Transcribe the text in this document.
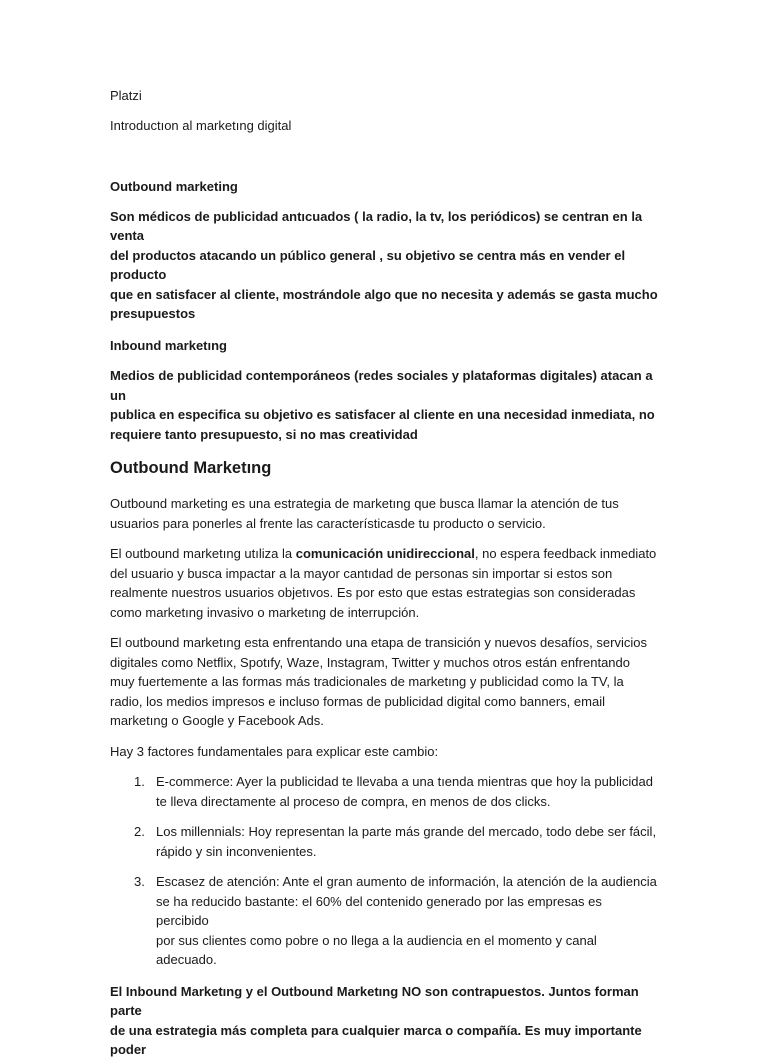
Platzi

Introductıon al marketıng digital

Outbound marketing

Son médicos de publicidad antıcuados ( la radio, la tv, los periódicos) se centran en la venta
del productos atacando un público general , su objetivo se centra más en vender el producto
que en satisfacer al cliente, mostrándole algo que no necesita y además se gasta mucho
presupuestos

Inbound marketıng

Medios de publicidad contemporáneos (redes sociales y plataformas digitales) atacan a un
publica en especifica su objetivo es satisfacer al cliente en una necesidad inmediata, no
requiere tanto presupuesto, si no mas creatividad

Outbound Marketıng

Outbound marketing es una estrategia de marketıng que busca llamar la atención de tus
usuarios para ponerles al frente las característicasde tu producto o servicio.

El outbound marketıng utıliza la comunicación unidireccional, no espera feedback inmediato
del usuario y busca impactar a la mayor cantıdad de personas sin importar si estos son
realmente nuestros usuarios objetıvos. Es por esto que estas estrategias son consideradas
como marketıng invasivo o marketıng de interrupción.

El outbound marketıng esta enfrentando una etapa de transición y nuevos desafíos, servicios
digitales como Netflix, Spotıfy, Waze, Instagram, Twitter y muchos otros están enfrentando
muy fuertemente a las formas más tradicionales de marketıng y publicidad como la TV, la
radio, los medios impresos e incluso formas de publicidad digital como banners, email
marketıng o Google y Facebook Ads.

Hay 3 factores fundamentales para explicar este cambio:

1. E-commerce: Ayer la publicidad te llevaba a una tıenda mientras que hoy la publicidad
te lleva directamente al proceso de compra, en menos de dos clicks.
2. Los millennials: Hoy representan la parte más grande del mercado, todo debe ser fácil,
rápido y sin inconvenientes.
3. Escasez de atención: Ante el gran aumento de información, la atención de la audiencia
se ha reducido bastante: el 60% del contenido generado por las empresas es percibido
por sus clientes como pobre o no llega a la audiencia en el momento y canal adecuado.

El Inbound Marketıng y el Outbound Marketıng NO son contrapuestos. Juntos forman parte
de una estrategia más completa para cualquier marca o compañía. Es muy importante poder
